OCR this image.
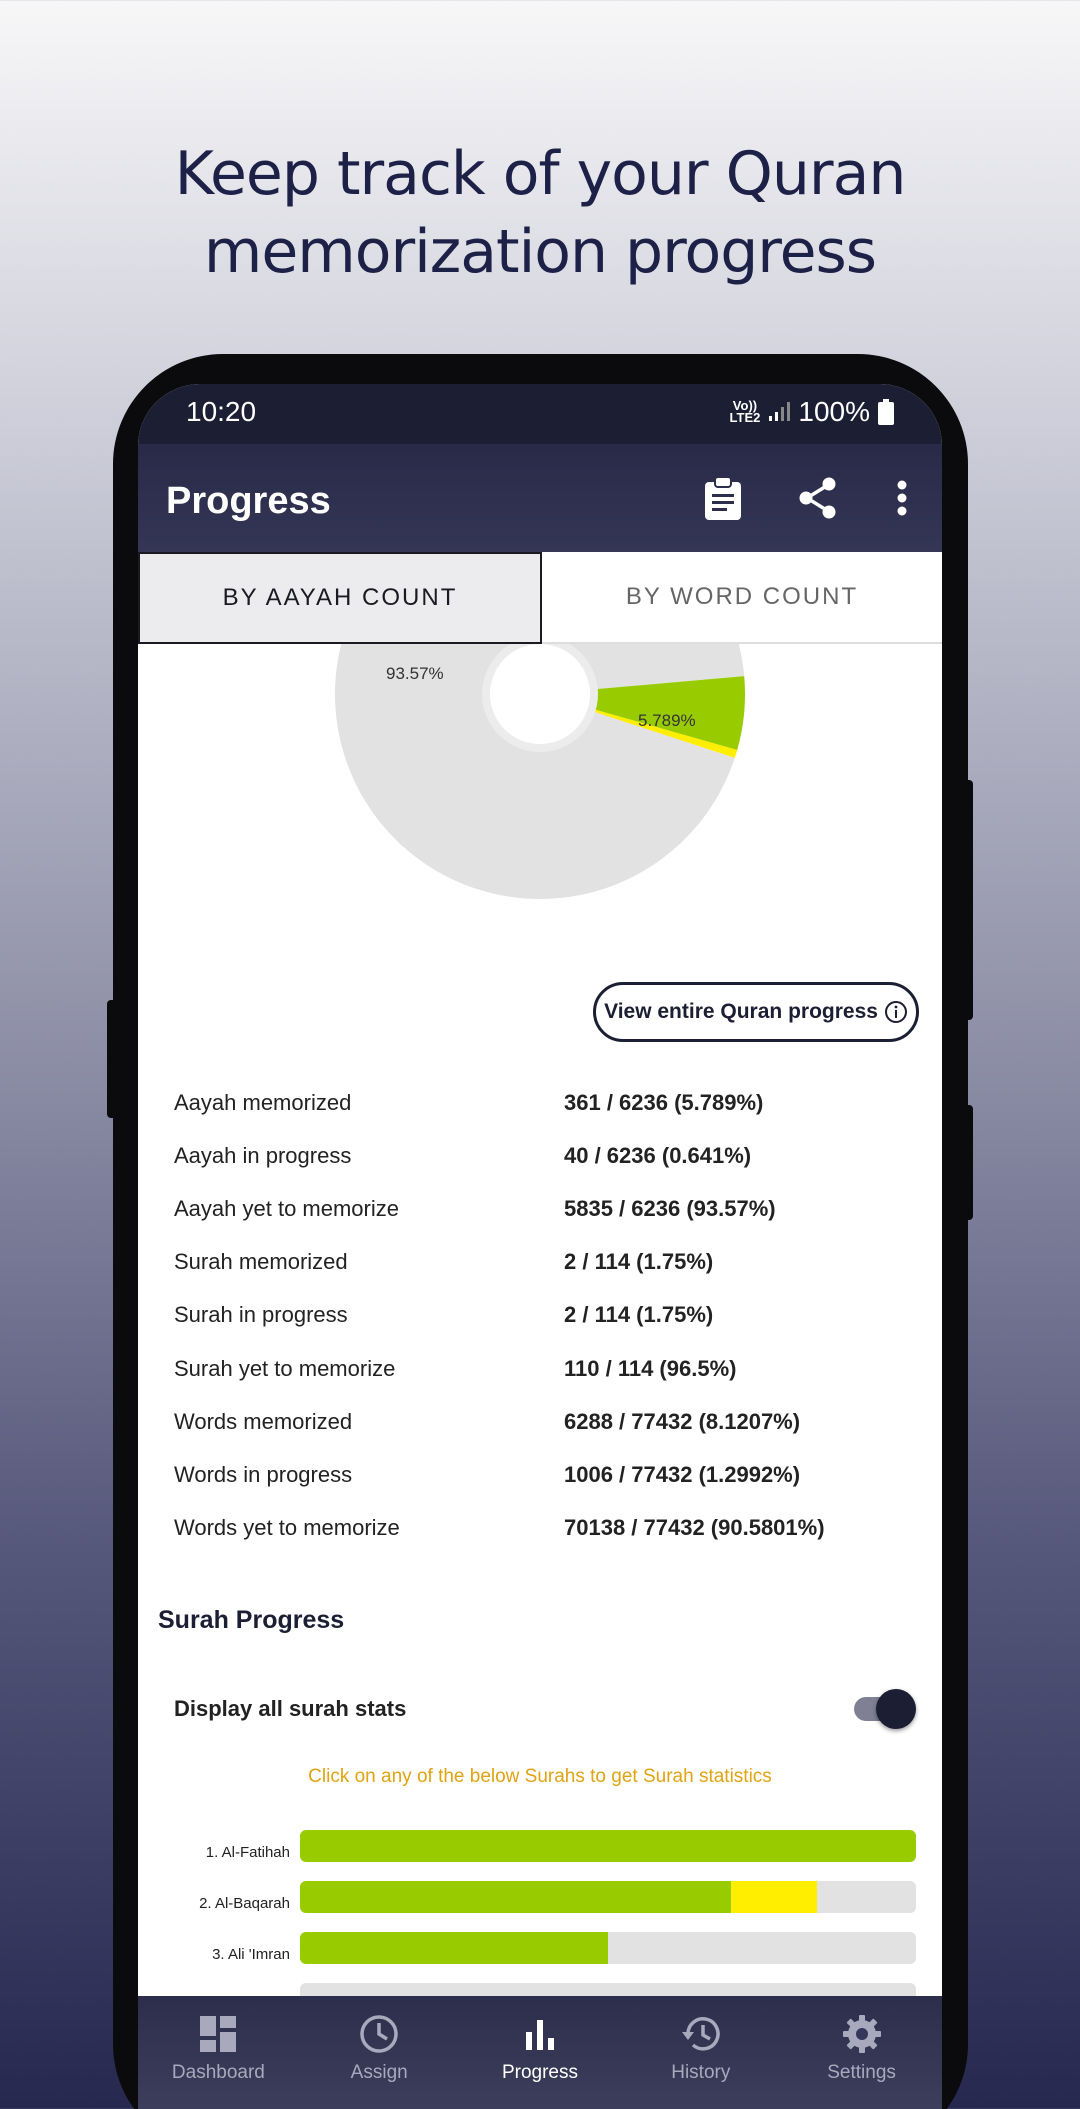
Keep track of your Quran memorization progress
10:20	Vo))
LTE2 100%
Progress
BY AAYAH COUNT	BY WORD COUNT
93.57%
5.789%
View entire Quran progress
Aayah memorized	361 / 6236 (5.789%)
Aayah in progress	40 / 6236 (0.641%)
Aayah yet to memorize	5835 / 6236 (93.57%)
Surah memorized	2 / 114 (1.75%)
Surah in progress	2 / 114 (1.75%)
Surah yet to memorize	110 / 114 (96.5%)
Words memorized	6288 / 77432 (8.1207%)
Words in progress	1006 / 77432 (1.2992%)
Words yet to memorize	70138 / 77432 (90.5801%)
Surah Progress
Display all surah stats
Click on any of the below Surahs to get Surah statistics
1. Al-Fatihah
2. Al-Baqarah
3. Ali 'Imran
Dashboard	Assign	Progress	History	Settings
